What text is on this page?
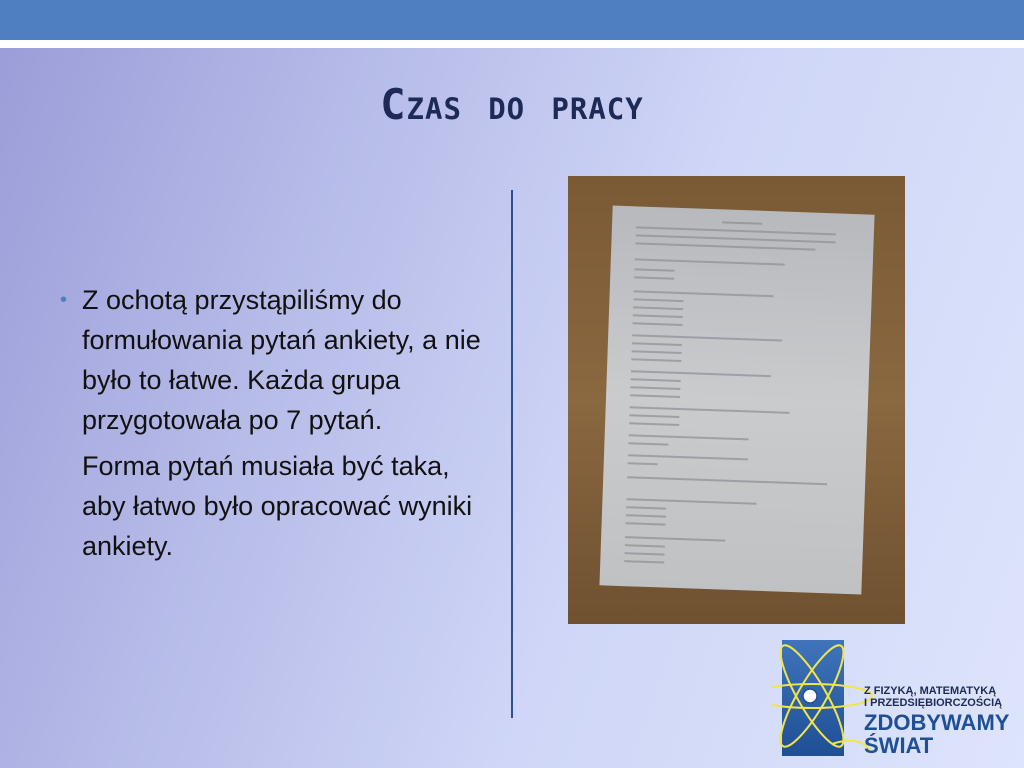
Czas do pracy
• Z ochotą przystąpiliśmy do formułowania pytań ankiety, a nie było to łatwe. Każda grupa przygotowała po 7 pytań.
Forma pytań musiała być taka, aby łatwo było opracować wyniki ankiety.
Z FIZYKĄ, MATEMATYKĄ
I PRZEDSIĘBIORCZOŚCIĄ
ZDOBYWAMY
ŚWIAT
